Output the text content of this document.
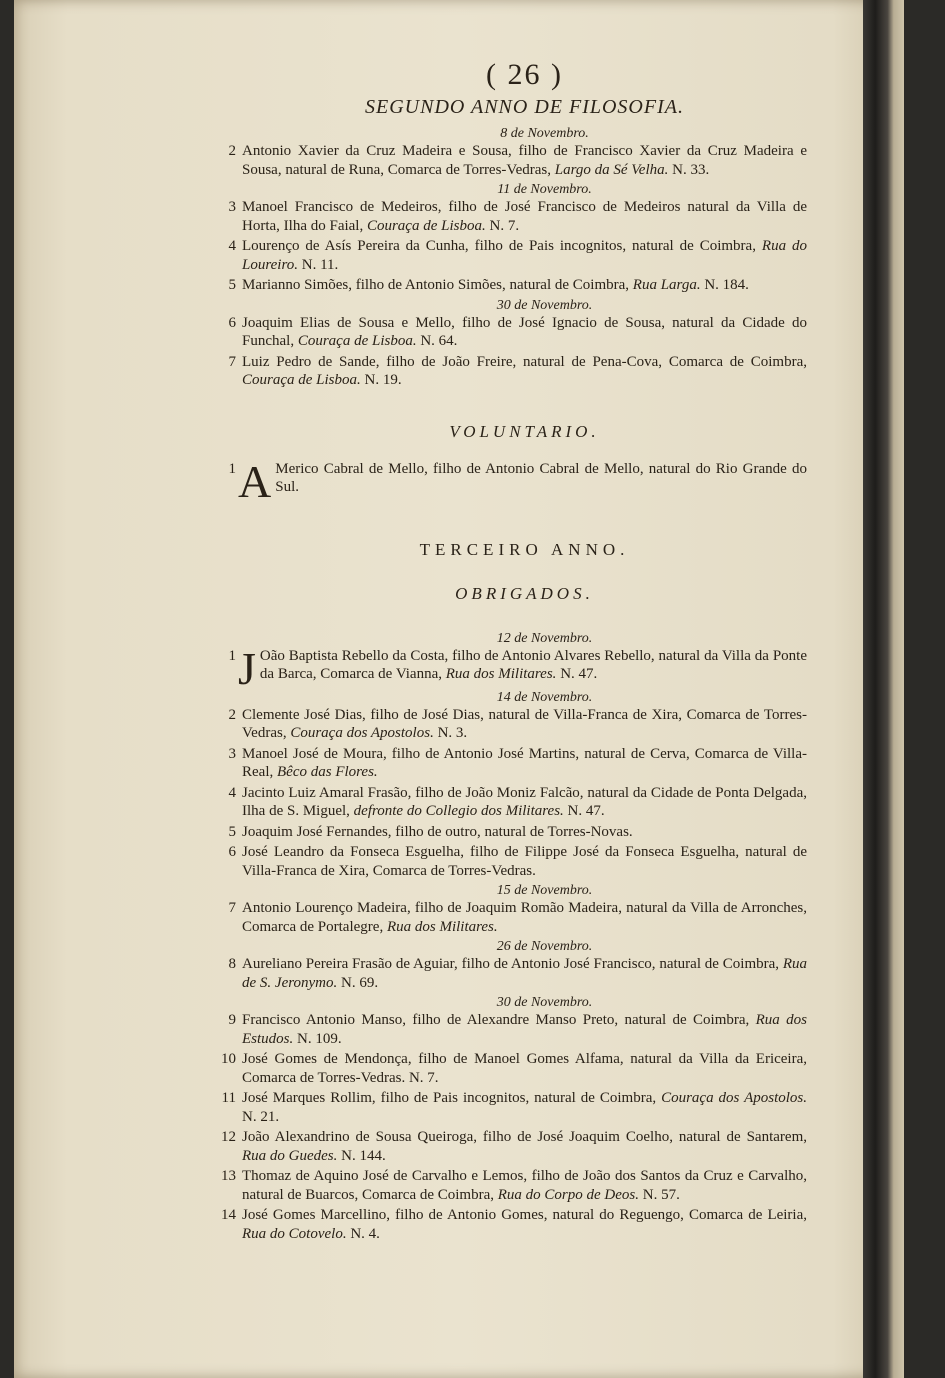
( 26 )
SEGUNDO ANNO DE FILOSOFIA.
8 de Novembro.
2 Antonio Xavier da Cruz Madeira e Sousa, filho de Francisco Xavier da Cruz Madeira e Sousa, natural de Runa, Comarca de Torres-Vedras, Largo da Sé Velha. N. 33.
11 de Novembro.
3 Manoel Francisco de Medeiros, filho de José Francisco de Medeiros natural da Villa de Horta, Ilha do Faial, Couraça de Lisboa. N. 7.
4 Lourenço de Asís Pereira da Cunha, filho de Pais incognitos, natural de Coimbra, Rua do Loureiro. N. 11.
5 Marianno Simões, filho de Antonio Simões, natural de Coimbra, Rua Larga. N. 184.
30 de Novembro.
6 Joaquim Elias de Sousa e Mello, filho de José Ignacio de Sousa, natural da Cidade do Funchal, Couraça de Lisboa. N. 64.
7 Luiz Pedro de Sande, filho de João Freire, natural de Pena-Cova, Comarca de Coimbra, Couraça de Lisboa. N. 19.
VOLUNTARIO.
1 A Merico Cabral de Mello, filho de Antonio Cabral de Mello, natural do Rio Grande do Sul.
TERCEIRO ANNO.
OBRIGADOS.
12 de Novembro.
1 J Oão Baptista Rebello da Costa, filho de Antonio Alvares Rebello, natural da Villa da Ponte da Barca, Comarca de Vianna, Rua dos Militares. N. 47.
14 de Novembro.
2 Clemente José Dias, filho de José Dias, natural de Villa-Franca de Xira, Comarca de Torres-Vedras, Couraça dos Apostolos. N. 3.
3 Manoel José de Moura, filho de Antonio José Martins, natural de Cerva, Comarca de Villa-Real, Bêco das Flores.
4 Jacinto Luiz Amaral Frasão, filho de João Moniz Falcão, natural da Cidade de Ponta Delgada, Ilha de S. Miguel, defronte do Collegio dos Militares. N. 47.
5 Joaquim José Fernandes, filho de outro, natural de Torres-Novas.
6 José Leandro da Fonseca Esguelha, filho de Filippe José da Fonseca Esguelha, natural de Villa-Franca de Xira, Comarca de Torres-Vedras.
15 de Novembro.
7 Antonio Lourenço Madeira, filho de Joaquim Romão Madeira, natural da Villa de Arronches, Comarca de Portalegre, Rua dos Militares.
26 de Novembro.
8 Aureliano Pereira Frasão de Aguiar, filho de Antonio José Francisco, natural de Coimbra, Rua de S. Jeronymo. N. 69.
30 de Novembro.
9 Francisco Antonio Manso, filho de Alexandre Manso Preto, natural de Coimbra, Rua dos Estudos. N. 109.
10 José Gomes de Mendonça, filho de Manoel Gomes Alfama, natural da Villa da Ericeira, Comarca de Torres-Vedras. N. 7.
11 José Marques Rollim, filho de Pais incognitos, natural de Coimbra, Couraça dos Apostolos. N. 21.
12 João Alexandrino de Sousa Queiroga, filho de José Joaquim Coelho, natural de Santarem, Rua do Guedes. N. 144.
13 Thomaz de Aquino José de Carvalho e Lemos, filho de João dos Santos da Cruz e Carvalho, natural de Buarcos, Comarca de Coimbra, Rua do Corpo de Deos. N. 57.
14 José Gomes Marcellino, filho de Antonio Gomes, natural do Reguengo, Comarca de Leiria, Rua do Cotovelo. N. 4.
